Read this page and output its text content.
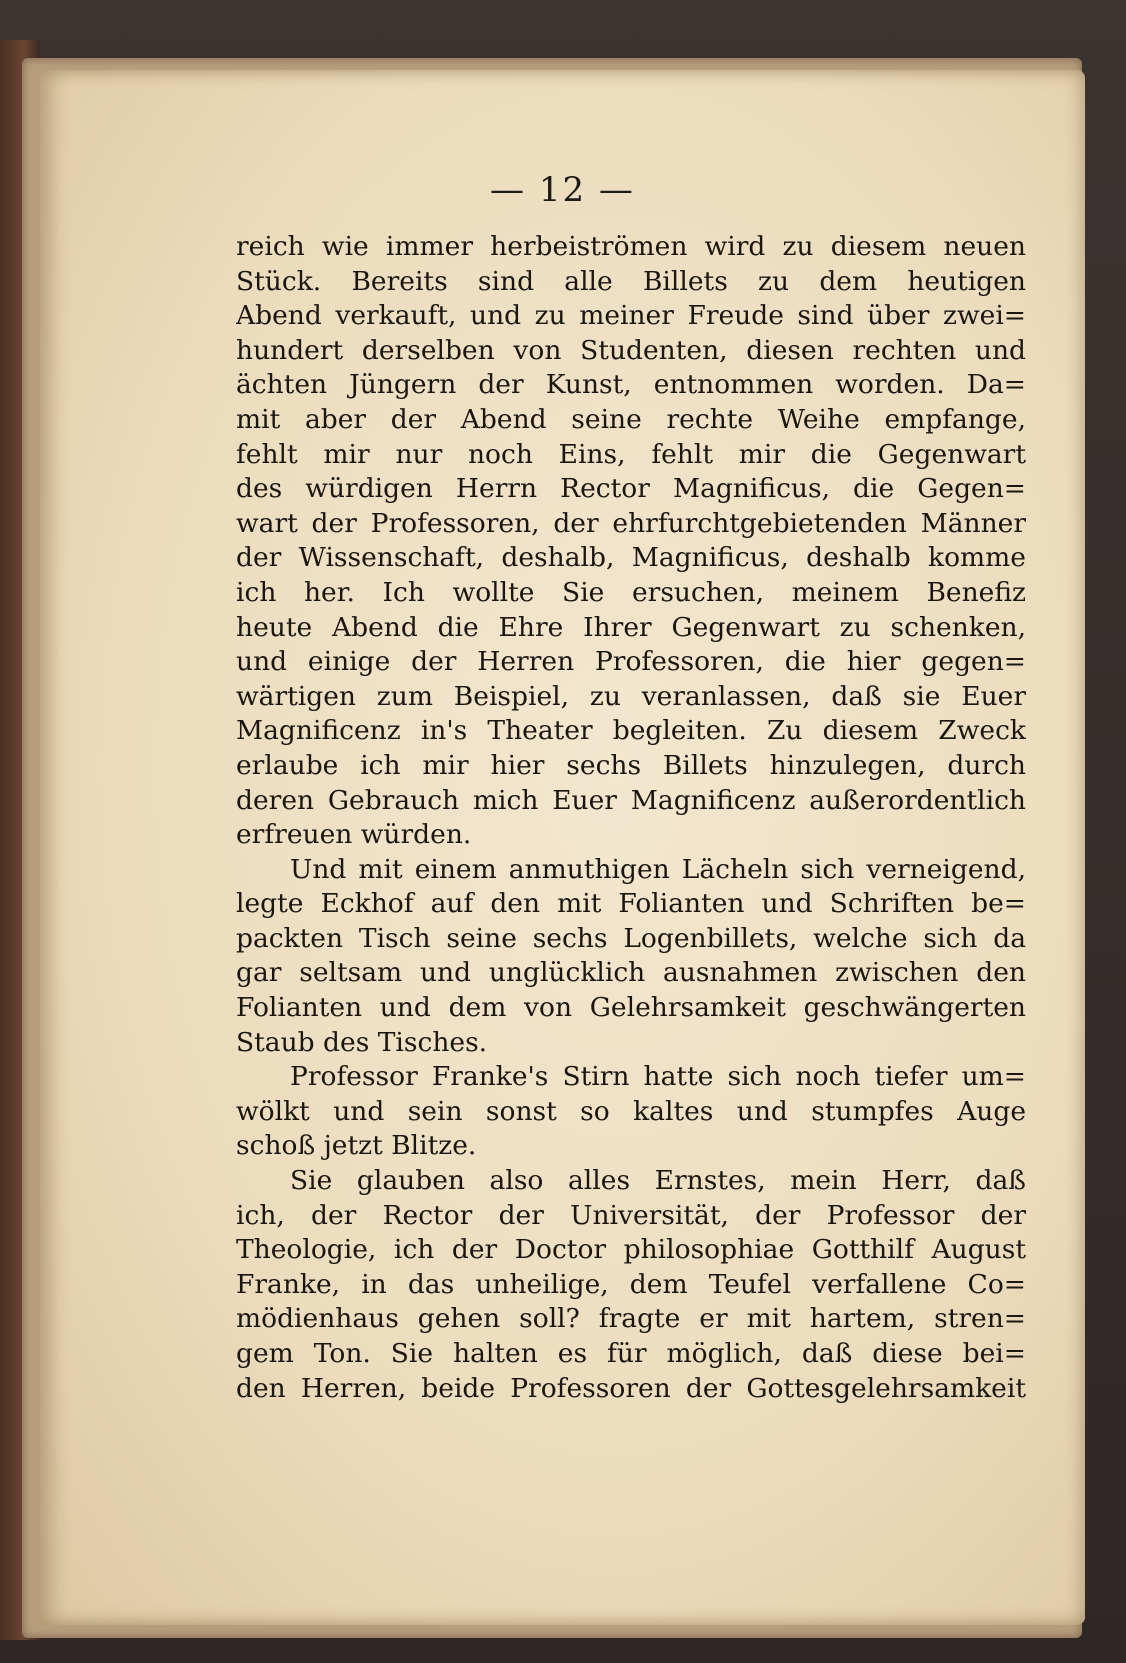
— 12 —
reich wie immer herbeiströmen wird zu diesem neuen
Stück. Bereits sind alle Billets zu dem heutigen
Abend verkauft, und zu meiner Freude sind über zwei=
hundert derselben von Studenten, diesen rechten und
ächten Jüngern der Kunst, entnommen worden. Da=
mit aber der Abend seine rechte Weihe empfange,
fehlt mir nur noch Eins, fehlt mir die Gegenwart
des würdigen Herrn Rector Magnificus, die Gegen=
wart der Professoren, der ehrfurchtgebietenden Männer
der Wissenschaft, deshalb, Magnificus, deshalb komme
ich her. Ich wollte Sie ersuchen, meinem Benefiz
heute Abend die Ehre Ihrer Gegenwart zu schenken,
und einige der Herren Professoren, die hier gegen=
wärtigen zum Beispiel, zu veranlassen, daß sie Euer
Magnificenz in's Theater begleiten. Zu diesem Zweck
erlaube ich mir hier sechs Billets hinzulegen, durch
deren Gebrauch mich Euer Magnificenz außerordentlich
erfreuen würden.
Und mit einem anmuthigen Lächeln sich verneigend,
legte Eckhof auf den mit Folianten und Schriften be=
packten Tisch seine sechs Logenbillets, welche sich da
gar seltsam und unglücklich ausnahmen zwischen den
Folianten und dem von Gelehrsamkeit geschwängerten
Staub des Tisches.
Professor Franke's Stirn hatte sich noch tiefer um=
wölkt und sein sonst so kaltes und stumpfes Auge
schoß jetzt Blitze.
Sie glauben also alles Ernstes, mein Herr, daß
ich, der Rector der Universität, der Professor der
Theologie, ich der Doctor philosophiae Gotthilf August
Franke, in das unheilige, dem Teufel verfallene Co=
mödienhaus gehen soll? fragte er mit hartem, stren=
gem Ton. Sie halten es für möglich, daß diese bei=
den Herren, beide Professoren der Gottesgelehrsamkeit
